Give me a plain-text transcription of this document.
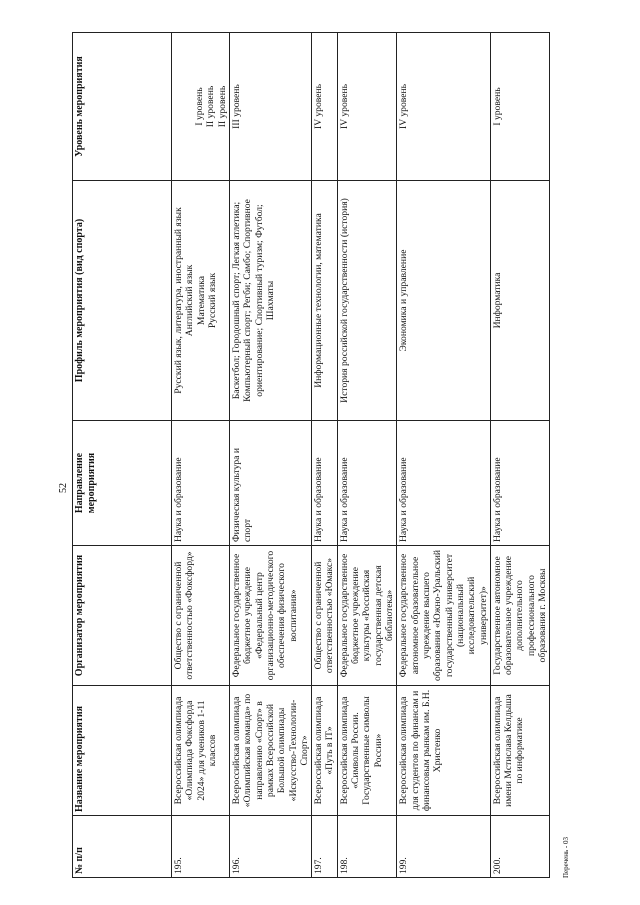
52
№ п/п	Название мероприятия	Организатор мероприятия	Направление мероприятия	Профиль мероприятия (вид спорта)	Уровень мероприятия
195.	Всероссийская олимпиада «Олимпиада Фоксфорда 2024» для учеников 1-11 классов	Общество с ограниченной ответственностью «Фоксфорд»	Наука и образование	Русский язык, литература, иностранный язык Английский язык Математика Русский язык	I уровень II уровень II уровень

196.	Всероссийская олимпиада «Олимпийская команда» по направлению «Спорт» в рамках Всероссийской Большой олимпиады «Искусство-Технологии-Спорт»	Федеральное государственное бюджетное учреждение «Федеральный центр организационно-методического обеспечения физического воспитания»	Физическая культура и спорт	Баскетбол; Городошный спорт; Легкая атлетика; Компьютерный спорт; Регби; Самбо; Спортивное ориентирование; Спортивный туризм; Футбол; Шахматы	III уровень

197.	Всероссийская олимпиада «Путь в IT»	Общество с ограниченной ответственностью «Юмакс»	Наука и образование	Информационные технологии, математика	IV уровень

198.	Всероссийская олимпиада «Символы России. Государственные символы России»	Федеральное государственное бюджетное учреждение культуры «Российская государственная детская библиотека»	Наука и образование	История российской государственности (история)	IV уровень

199.	Всероссийская олимпиада для студентов по финансам и финансовым рынкам им. Б.Н. Христенко	Федеральное государственное автономное образовательное учреждение высшего образования «Южно-Уральский государственный университет (национальный исследовательский университет)»	Наука и образование	Экономика и управление	IV уровень

200.	Всероссийская олимпиада имени Мстислава Келдыша по информатике	Государственное автономное образовательное учреждение дополнительного профессионального образования г. Москвы	Наука и образование	Информатика	I уровень
Перечень - 03
